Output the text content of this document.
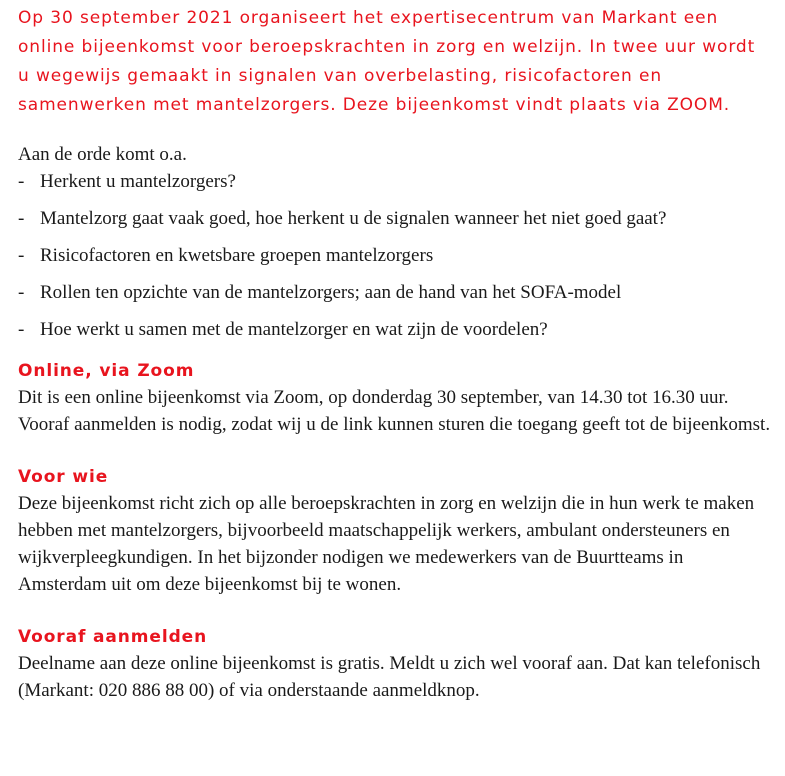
Op 30 september 2021 organiseert het expertisecentrum van Markant een online bijeenkomst voor beroepskrachten in zorg en welzijn. In twee uur wordt u wegewijs gemaakt in signalen van overbelasting, risicofactoren en samenwerken met mantelzorgers. Deze bijeenkomst vindt plaats via ZOOM.

Aan de orde komt o.a.

- Herkent u mantelzorgers?
- Mantelzorg gaat vaak goed, hoe herkent u de signalen wanneer het niet goed gaat?
- Risicofactoren en kwetsbare groepen mantelzorgers
- Rollen ten opzichte van de mantelzorgers; aan de hand van het SOFA-model
- Hoe werkt u samen met de mantelzorger en wat zijn de voordelen?
Online, via Zoom

Dit is een online bijeenkomst via Zoom, op donderdag 30 september, van 14.30 tot 16.30 uur. Vooraf aanmelden is nodig, zodat wij u de link kunnen sturen die toegang geeft tot de bijeenkomst.

Voor wie

Deze bijeenkomst richt zich op alle beroepskrachten in zorg en welzijn die in hun werk te maken hebben met mantelzorgers, bijvoorbeeld maatschappelijk werkers, ambulant ondersteuners en wijkverpleegkundigen. In het bijzonder nodigen we medewerkers van de Buurtteams in Amsterdam uit om deze bijeenkomst bij te wonen.

Vooraf aanmelden

Deelname aan deze online bijeenkomst is gratis. Meldt u zich wel vooraf aan. Dat kan telefonisch (Markant: 020 886 88 00) of via onderstaande aanmeldknop.
